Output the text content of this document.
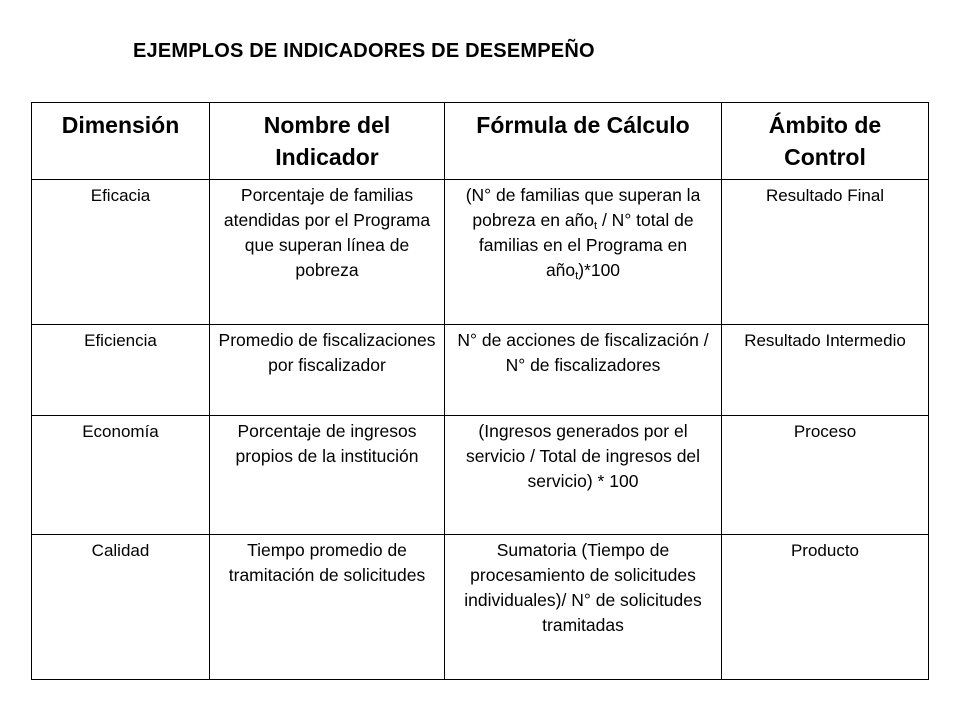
EJEMPLOS DE INDICADORES DE DESEMPEÑO
Dimensión	Nombre del Indicador	Fórmula de Cálculo	Ámbito de Control
Eficacia	Porcentaje de familias atendidas por el Programa que superan línea de pobreza	(N° de familias que superan la pobreza en año$_t$ / N° total de familias en el Programa en año$_t$)*100	Resultado Final
Eficiencia	Promedio de fiscalizaciones por fiscalizador	N° de acciones de fiscalización / N° de fiscalizadores	Resultado Intermedio
Economía	Porcentaje de ingresos propios de la institución	(Ingresos generados por el servicio / Total de ingresos del servicio) * 100	Proceso
Calidad	Tiempo promedio de tramitación de solicitudes	Sumatoria (Tiempo de procesamiento de solicitudes individuales)/ N° de solicitudes tramitadas	Producto
